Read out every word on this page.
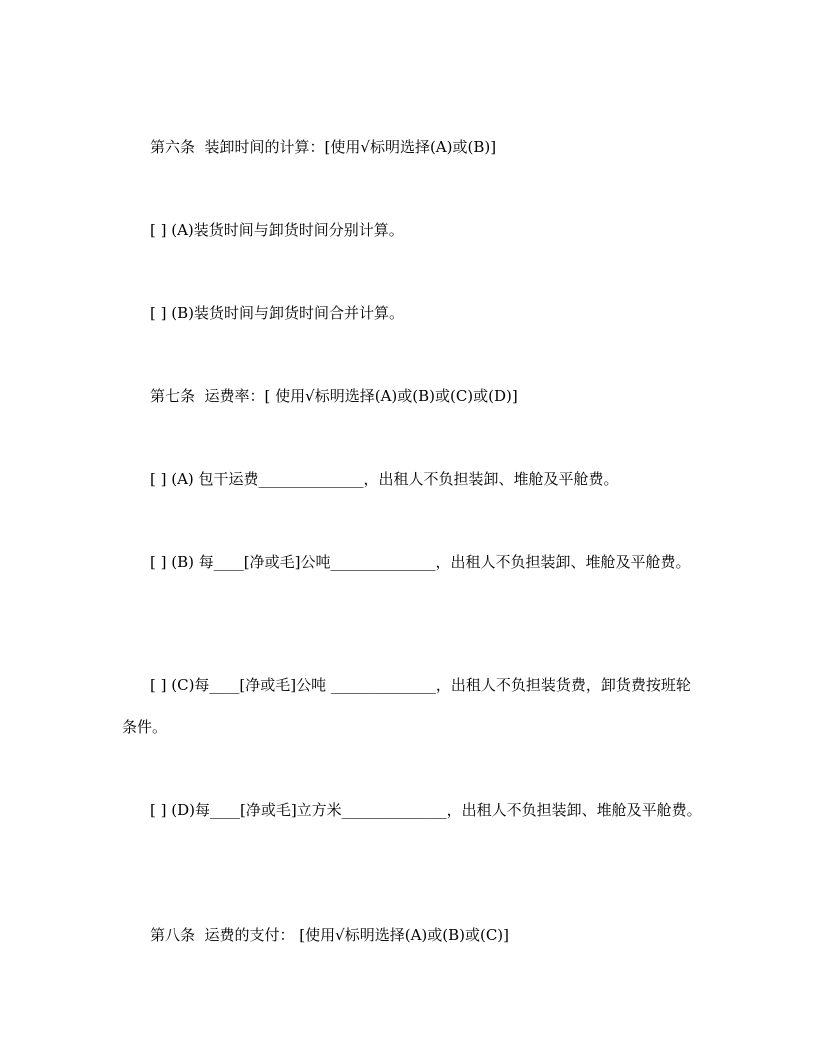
第六条  装卸时间的计算：[使用√标明选择(A)或(B)]

[ ] (A)装货时间与卸货时间分别计算。

[ ] (B)装货时间与卸货时间合并计算。

第七条  运费率：[ 使用√标明选择(A)或(B)或(C)或(D)]

[ ] (A) 包干运费______________，出租人不负担装卸、堆舱及平舱费。

[ ] (B) 每____[净或毛]公吨______________，出租人不负担装卸、堆舱及平舱费。

[ ] (C)每____[净或毛]公吨 ______________，出租人不负担装货费，卸货费按班轮条件。

[ ] (D)每____[净或毛]立方米______________，出租人不负担装卸、堆舱及平舱费。

第八条  运费的支付： [使用√标明选择(A)或(B)或(C)]
